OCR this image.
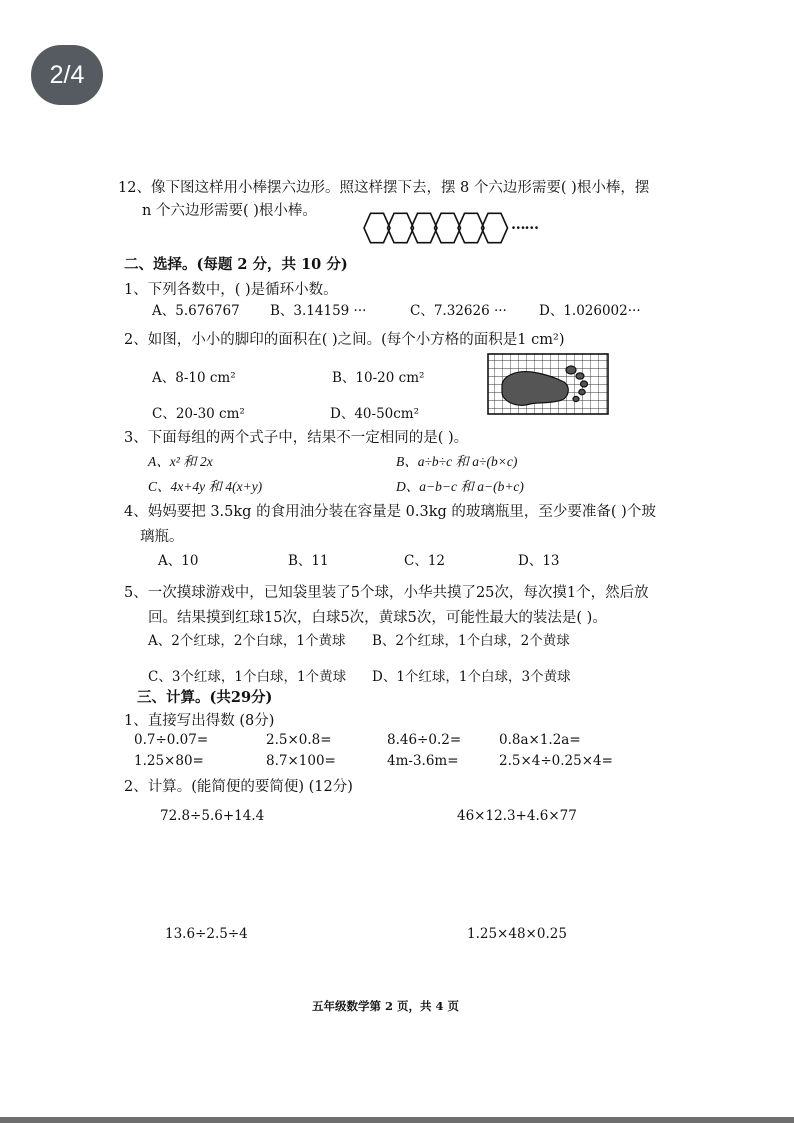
2/4
12、像下图这样用小棒摆六边形。照这样摆下去，摆 8 个六边形需要( )根小棒，摆
n 个六边形需要( )根小棒。
……
二、选择。(每题 2 分，共 10 分)
1、下列各数中，( )是循环小数。
A、5.676767 B、3.14159 ···	C、7.32626 ··· D、1.026002···
2、如图，小小的脚印的面积在( )之间。(每个小方格的面积是1 cm²)
A、8-10 cm²	B、10-20 cm²
C、20-30 cm²	D、40-50cm²
3、下面每组的两个式子中，结果不一定相同的是( )。
A、x² 和 2x	B、a÷b÷c 和 a÷(b×c)
C、4x+4y 和 4(x+y)	D、a−b−c 和 a−(b+c)
4、妈妈要把 3.5kg 的食用油分装在容量是 0.3kg 的玻璃瓶里，至少要准备( )个玻
璃瓶。
A、10	B、11	C、12	D、13
5、一次摸球游戏中，已知袋里装了5个球，小华共摸了25次，每次摸1个，然后放
回。结果摸到红球15次，白球5次，黄球5次，可能性最大的装法是( )。
A、2个红球，2个白球，1个黄球 B、2个红球，1个白球，2个黄球
C、3个红球，1个白球，1个黄球 D、1个红球，1个白球，3个黄球
三、计算。(共29分)
1、直接写出得数 (8分)
0.7÷0.07=	2.5×0.8=	8.46÷0.2=	0.8a×1.2a=
1.25×80=	8.7×100=	4m-3.6m=	2.5×4÷0.25×4=
2、计算。(能简便的要简便) (12分)
72.8÷5.6+14.4	46×12.3+4.6×77
13.6÷2.5÷4	1.25×48×0.25
五年级数学第 2 页，共 4 页
